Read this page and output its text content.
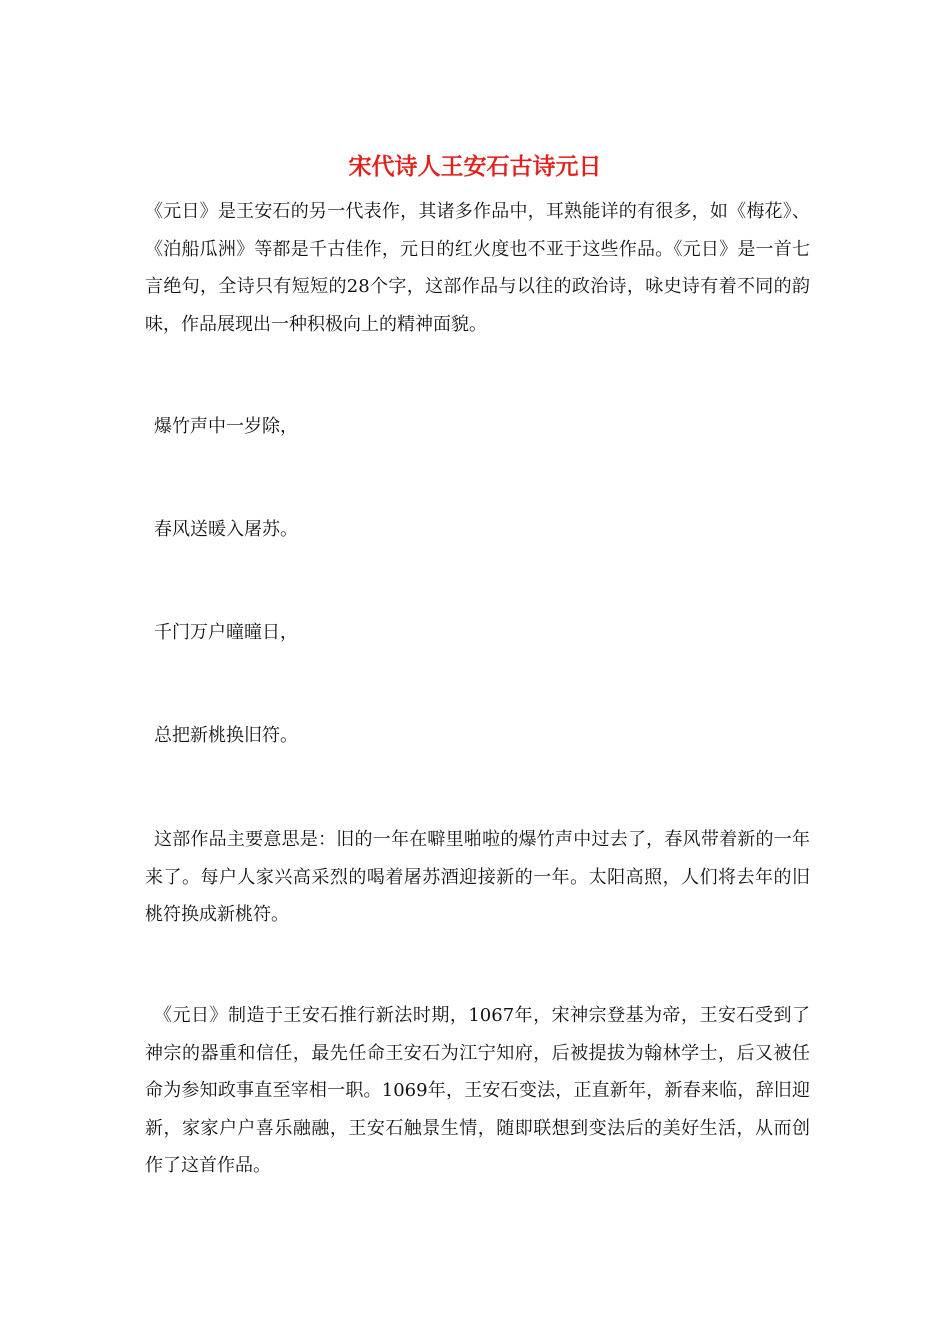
宋代诗人王安石古诗元日

《元日》是王安石的另一代表作，其诸多作品中，耳熟能详的有很多，如《梅花》、《泊船瓜洲》等都是千古佳作，元日的红火度也不亚于这些作品。《元日》是一首七言绝句，全诗只有短短的28个字，这部作品与以往的政治诗，咏史诗有着不同的韵味，作品展现出一种积极向上的精神面貌。

爆竹声中一岁除，

春风送暖入屠苏。

千门万户曈曈日，

总把新桃换旧符。

这部作品主要意思是：旧的一年在噼里啪啦的爆竹声中过去了，春风带着新的一年来了。每户人家兴高采烈的喝着屠苏酒迎接新的一年。太阳高照，人们将去年的旧桃符换成新桃符。

《元日》制造于王安石推行新法时期，1067年，宋神宗登基为帝，王安石受到了神宗的器重和信任，最先任命王安石为江宁知府，后被提拔为翰林学士，后又被任命为参知政事直至宰相一职。1069年，王安石变法，正直新年，新春来临，辞旧迎新，家家户户喜乐融融，王安石触景生情，随即联想到变法后的美好生活，从而创作了这首作品。
